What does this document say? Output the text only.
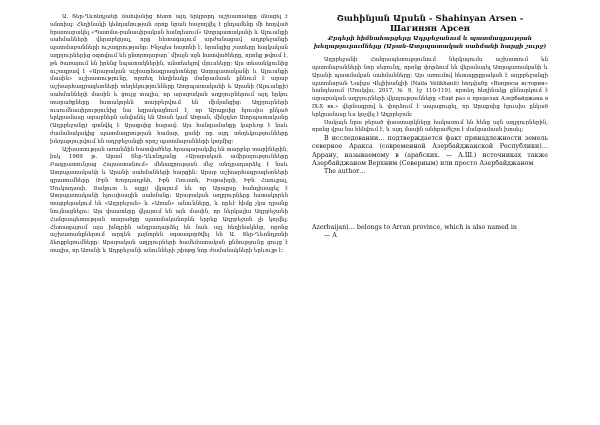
Ա. Տեր-Ղևոնդյանի մահվանից հետո այդ երկրորդ աշխատանքը մնացել է անտիպ։ Հեղինակի կենդանության օրոք նրան հաջողվել է ընդամենը մի հոդված հրատարակել «Պատմա-բանասիրական հանդեսում» Ատրպատականի և Ալուանքի սահմանների վերաբերյալ, որը հետագայում արժանացավ ադրբեջանցի պատմաբանների ուշադրությանը։ Ինչպես հայտնի է, նրանցից շատերը հայկական աղբյուրներից օգտվում են ընտրողաբար՝ միայն այն հատվածները, որոնք թվում է, թե ծառայում են իրենց նպատակներին, անտեսելով մյուսները։ Այս տեսանկյունից ուշագրավ է «Արաբական աշխարհագրագետները Ատրպատականի և Ալուանքի մասին» աշխատությունը, որտեղ հեղինակը մանրամասն քննում է արաբ աշխարհագրագետների տեղեկությունները Ատրպատականի և Արանի (Ալուանքի) սահմանների մասին և ցույց տալիս, որ արաբական աղբյուրներում այդ երկու տարածքները հստակորեն տարբերվում են միմյանցից։ Աղբյուրների ուսումնասիրությունից նա եզրակացնում է, որ Արաքսից հյուսիս ընկած երկրամասը արաբներն անվանել են Առան կամ Առրան, մինչդեռ Ատրպատականը (Ադրբեջանը) գտնվել է Արաքսից հարավ։ Այս հանգամանքը կարևոր է նաև ժամանակակից պատմագրության համար, քանի որ այդ տեղեկությունները խեղաթյուրվում են ադրբեջանցի որոշ պատմաբանների կողմից։

Աշխատության առանձին հատվածներ հրապարակվել են տարբեր տարիներին, իսկ 1969 թ. Արամ Տեր-Ղևոնդյանը «Արաբական ամիրայությունները Բագրատունյաց Հայաստանում» մենագրության մեջ անդրադարձել է նաև Ատրպատականի և Արանի սահմանների հարցին։ Արաբ աշխարհագրագետների գրառումները (Իբն Խորդադբեհ, Իբն Ռուստե, Իսթախրի, Իբն Հաուքալ, Մուկադասի, Յակուտ և այլք) վկայում են, որ Արաքսը հանդիսացել է Ատրպատականի հյուսիսային սահմանը։ Արաբական աղբյուրները հստակորեն տարբերակում են «Ադրբեջան» և «Առան» անունները, և որևէ հիմք չկա դրանք նույնացնելու։ Այս փաստերը վկայում են այն մասին, որ ներկայիս Ադրբեջանի Հանրապետության տարածքը պատմականորեն երբեք Ադրբեջան չի կոչվել։ Հետագայում այս խնդրին անդրադարձել են նաև այլ հեղինակներ, որոնց աշխատանքներում արդեն լայնորեն օգտագործվել են Ա. Տեր-Ղևոնդյանի ձեռքբերումները։ Արաբական աղբյուրների համեմատական քննությունը ցույց է տալիս, որ Առանի և Ադրբեջանի անունների շփոթը նոր ժամանակների երևույթ է։

Շահինյան Արսեն - Shahinyan Arsen - Шагинян Арсен

Քրդերի հիմնահարցերը Ադրբեջանում և պատմագրության խեղաթյուրումները (Արան-Ատրպատական սահմանի հարցի շուրջ)

Ադրբեջանի Հանրապետությունում ներկայումս աշխատում են պատմաբանների նոր սերունդ, որոնք փորձում են վերանայել Ատրպատականի և Արանի պատմական սահմանները։ Այս առումով հետաքրքրական է ադրբեջանցի պատմաբան Նաիլա Վելիխանլիի (Naila Velikhanli) հոդվածը «Вопросы истории» հանդեսում (Մոսկվա, 2017, № 9, էջ 110-119), որտեղ հեղինակը քննարկում է արաբական աղբյուրների վկայությունները «Ещё раз о пределах Азербайджана в IX-X вв.» վերնագրով և փորձում է ապացուցել, որ Արաքսից հյուսիս ընկած երկրամասը ևս կոչվել է Ադրբեջան։

Սակայն նրա բերած փաստարկները հակասում են հենց այն աղբյուրներին, որոնց վրա նա հենվում է, և այդ մասին անհրաժեշտ է մանրամասն խոսել։

В исследовании… подтверждается факт принадлежности земель северное Аракса (современной Азербайджанской Республики)… Аррану, называемому в (арабских. — А.Ш.) источниках также Азербайджаном Верхним (Северным) или просто Азербайджаном

The author…

Azerbaijan)… belongs to Arran province, which is also named in

— A
